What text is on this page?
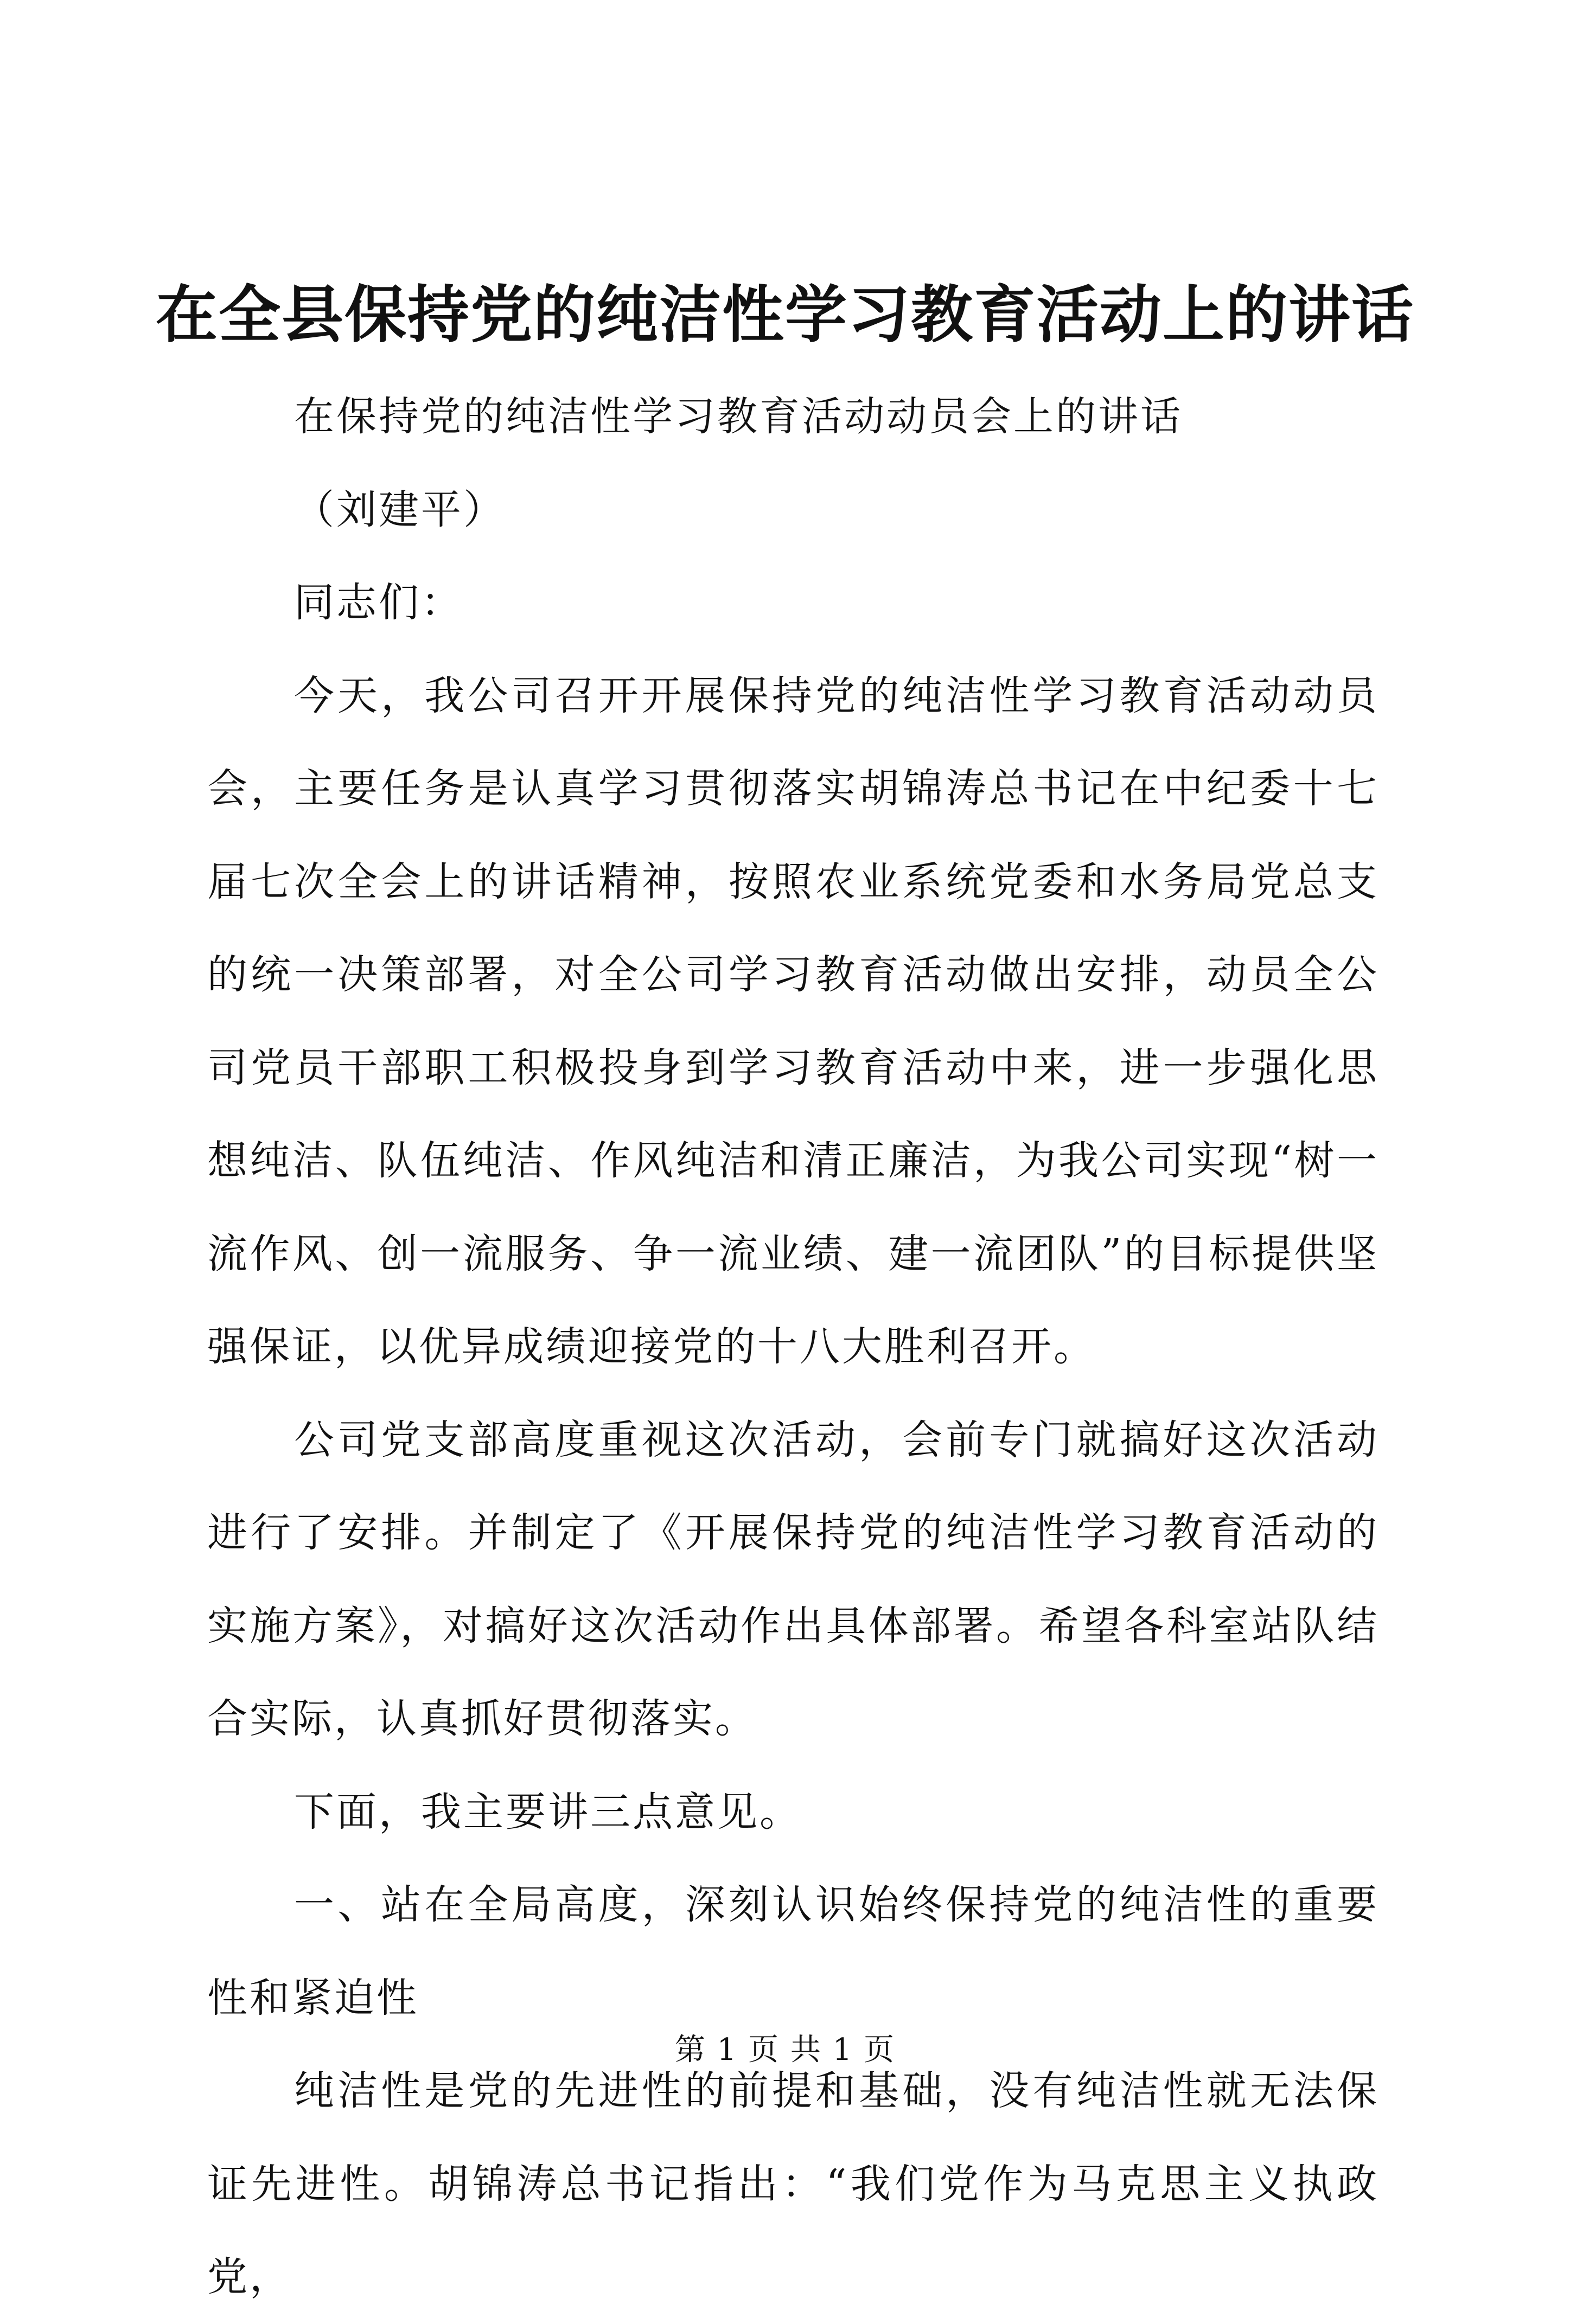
在全县保持党的纯洁性学习教育活动上的讲话

在保持党的纯洁性学习教育活动动员会上的讲话

（刘建平）

同志们：

今天，我公司召开开展保持党的纯洁性学习教育活动动员会，主要任务是认真学习贯彻落实胡锦涛总书记在中纪委十七届七次全会上的讲话精神，按照农业系统党委和水务局党总支的统一决策部署，对全公司学习教育活动做出安排，动员全公司党员干部职工积极投身到学习教育活动中来，进一步强化思想纯洁、队伍纯洁、作风纯洁和清正廉洁，为我公司实现“树一流作风、创一流服务、争一流业绩、建一流团队”的目标提供坚强保证，以优异成绩迎接党的十八大胜利召开。

公司党支部高度重视这次活动，会前专门就搞好这次活动进行了安排。并制定了《开展保持党的纯洁性学习教育活动的实施方案》，对搞好这次活动作出具体部署。希望各科室站队结合实际，认真抓好贯彻落实。

下面，我主要讲三点意见。

一、站在全局高度，深刻认识始终保持党的纯洁性的重要性和紧迫性

纯洁性是党的先进性的前提和基础，没有纯洁性就无法保证先进性。胡锦涛总书记指出：“我们党作为马克思主义执政党，

第 1 页 共 1 页
